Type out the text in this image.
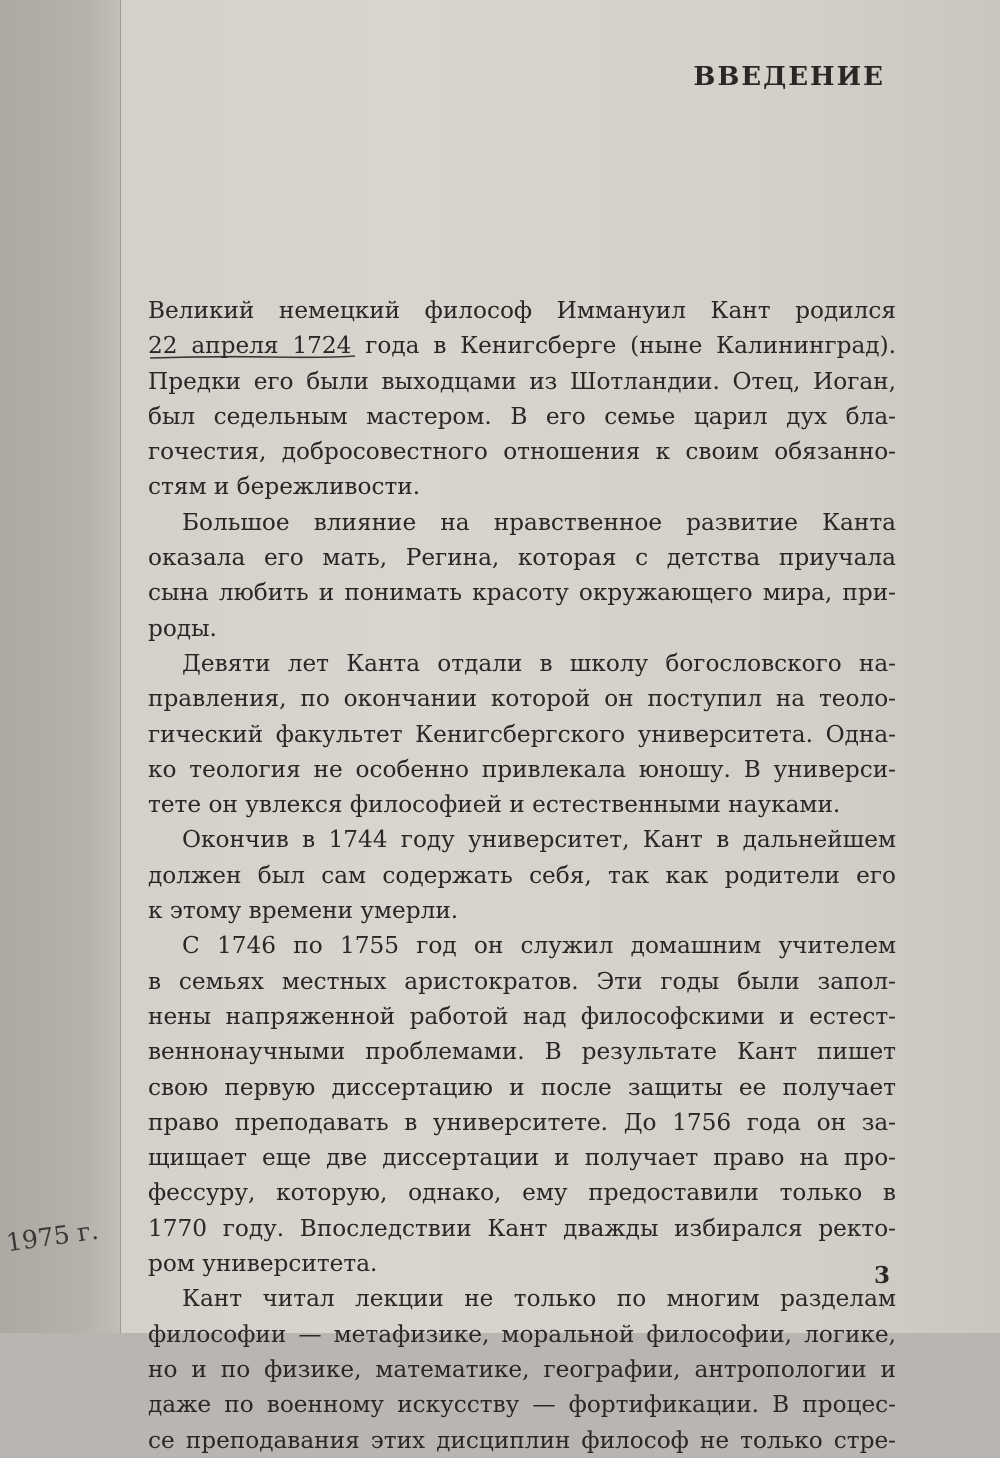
1975 г.
ВВЕДЕНИЕ
Великий немецкий философ Иммануил Кант родился
22 апреля 1724 года в Кенигсберге (ныне Калининград).
Предки его были выходцами из Шотландии. Отец, Иоган,
был седельным мастером. В его семье царил дух бла-
гочестия, добросовестного отношения к своим обязанно-
стям и бережливости.
Большое влияние на нравственное развитие Канта
оказала его мать, Регина, которая с детства приучала
сына любить и понимать красоту окружающего мира, при-
роды.
Девяти лет Канта отдали в школу богословского на-
правления, по окончании которой он поступил на теоло-
гический факультет Кенигсбергского университета. Одна-
ко теология не особенно привлекала юношу. В универси-
тете он увлекся философией и естественными науками.
Окончив в 1744 году университет, Кант в дальнейшем
должен был сам содержать себя, так как родители его
к этому времени умерли.
С 1746 по 1755 год он служил домашним учителем
в семьях местных аристократов. Эти годы были запол-
нены напряженной работой над философскими и естест-
веннонаучными проблемами. В результате Кант пишет
свою первую диссертацию и после защиты ее получает
право преподавать в университете. До 1756 года он за-
щищает еще две диссертации и получает право на про-
фессуру, которую, однако, ему предоставили только в
1770 году. Впоследствии Кант дважды избирался ректо-
ром университета.
Кант читал лекции не только по многим разделам
философии — метафизике, моральной философии, логике,
но и по физике, математике, географии, антропологии и
даже по военному искусству — фортификации. В процес-
се преподавания этих дисциплин философ не только стре-
3
